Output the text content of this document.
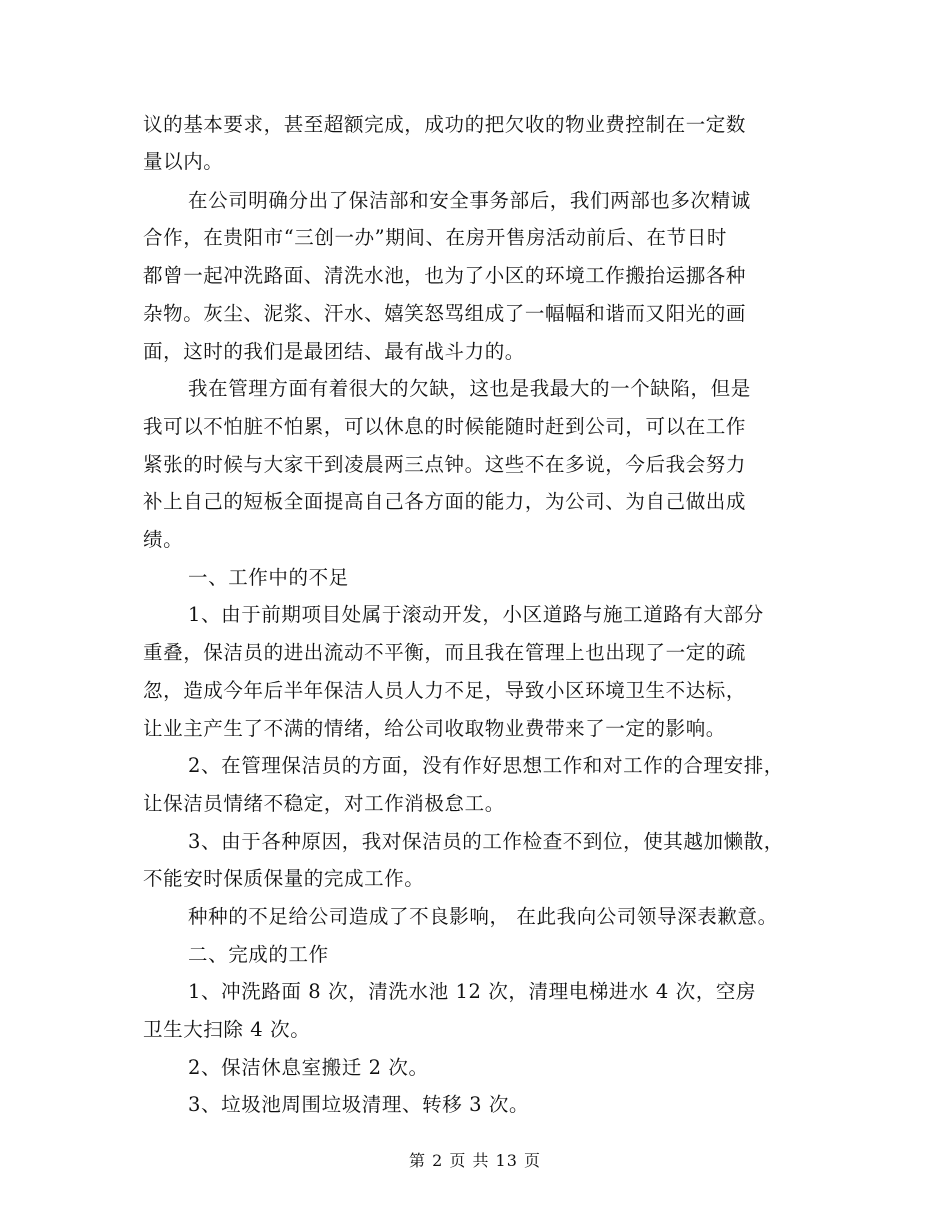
议的基本要求，甚至超额完成，成功的把欠收的物业费控制在一定数
量以内。
在公司明确分出了保洁部和安全事务部后，我们两部也多次精诚
合作，在贵阳市“三创一办”期间、在房开售房活动前后、在节日时
都曾一起冲洗路面、清洗水池，也为了小区的环境工作搬抬运挪各种
杂物。灰尘、泥浆、汗水、嬉笑怒骂组成了一幅幅和谐而又阳光的画
面，这时的我们是最团结、最有战斗力的。
我在管理方面有着很大的欠缺，这也是我最大的一个缺陷，但是
我可以不怕脏不怕累，可以休息的时候能随时赶到公司，可以在工作
紧张的时候与大家干到凌晨两三点钟。这些不在多说，今后我会努力
补上自己的短板全面提高自己各方面的能力，为公司、为自己做出成
绩。
一、工作中的不足
1、由于前期项目处属于滚动开发，小区道路与施工道路有大部分
重叠，保洁员的进出流动不平衡，而且我在管理上也出现了一定的疏
忽，造成今年后半年保洁人员人力不足，导致小区环境卫生不达标，
让业主产生了不满的情绪，给公司收取物业费带来了一定的影响。
2、在管理保洁员的方面，没有作好思想工作和对工作的合理安排，
让保洁员情绪不稳定，对工作消极怠工。
3、由于各种原因，我对保洁员的工作检查不到位，使其越加懒散，
不能安时保质保量的完成工作。
种种的不足给公司造成了不良影响， 在此我向公司领导深表歉意。
二、完成的工作
1、冲洗路面 8 次，清洗水池 12 次，清理电梯进水 4 次，空房
卫生大扫除 4 次。
2、保洁休息室搬迁 2 次。
3、垃圾池周围垃圾清理、转移 3 次。
第 2 页 共 13 页
